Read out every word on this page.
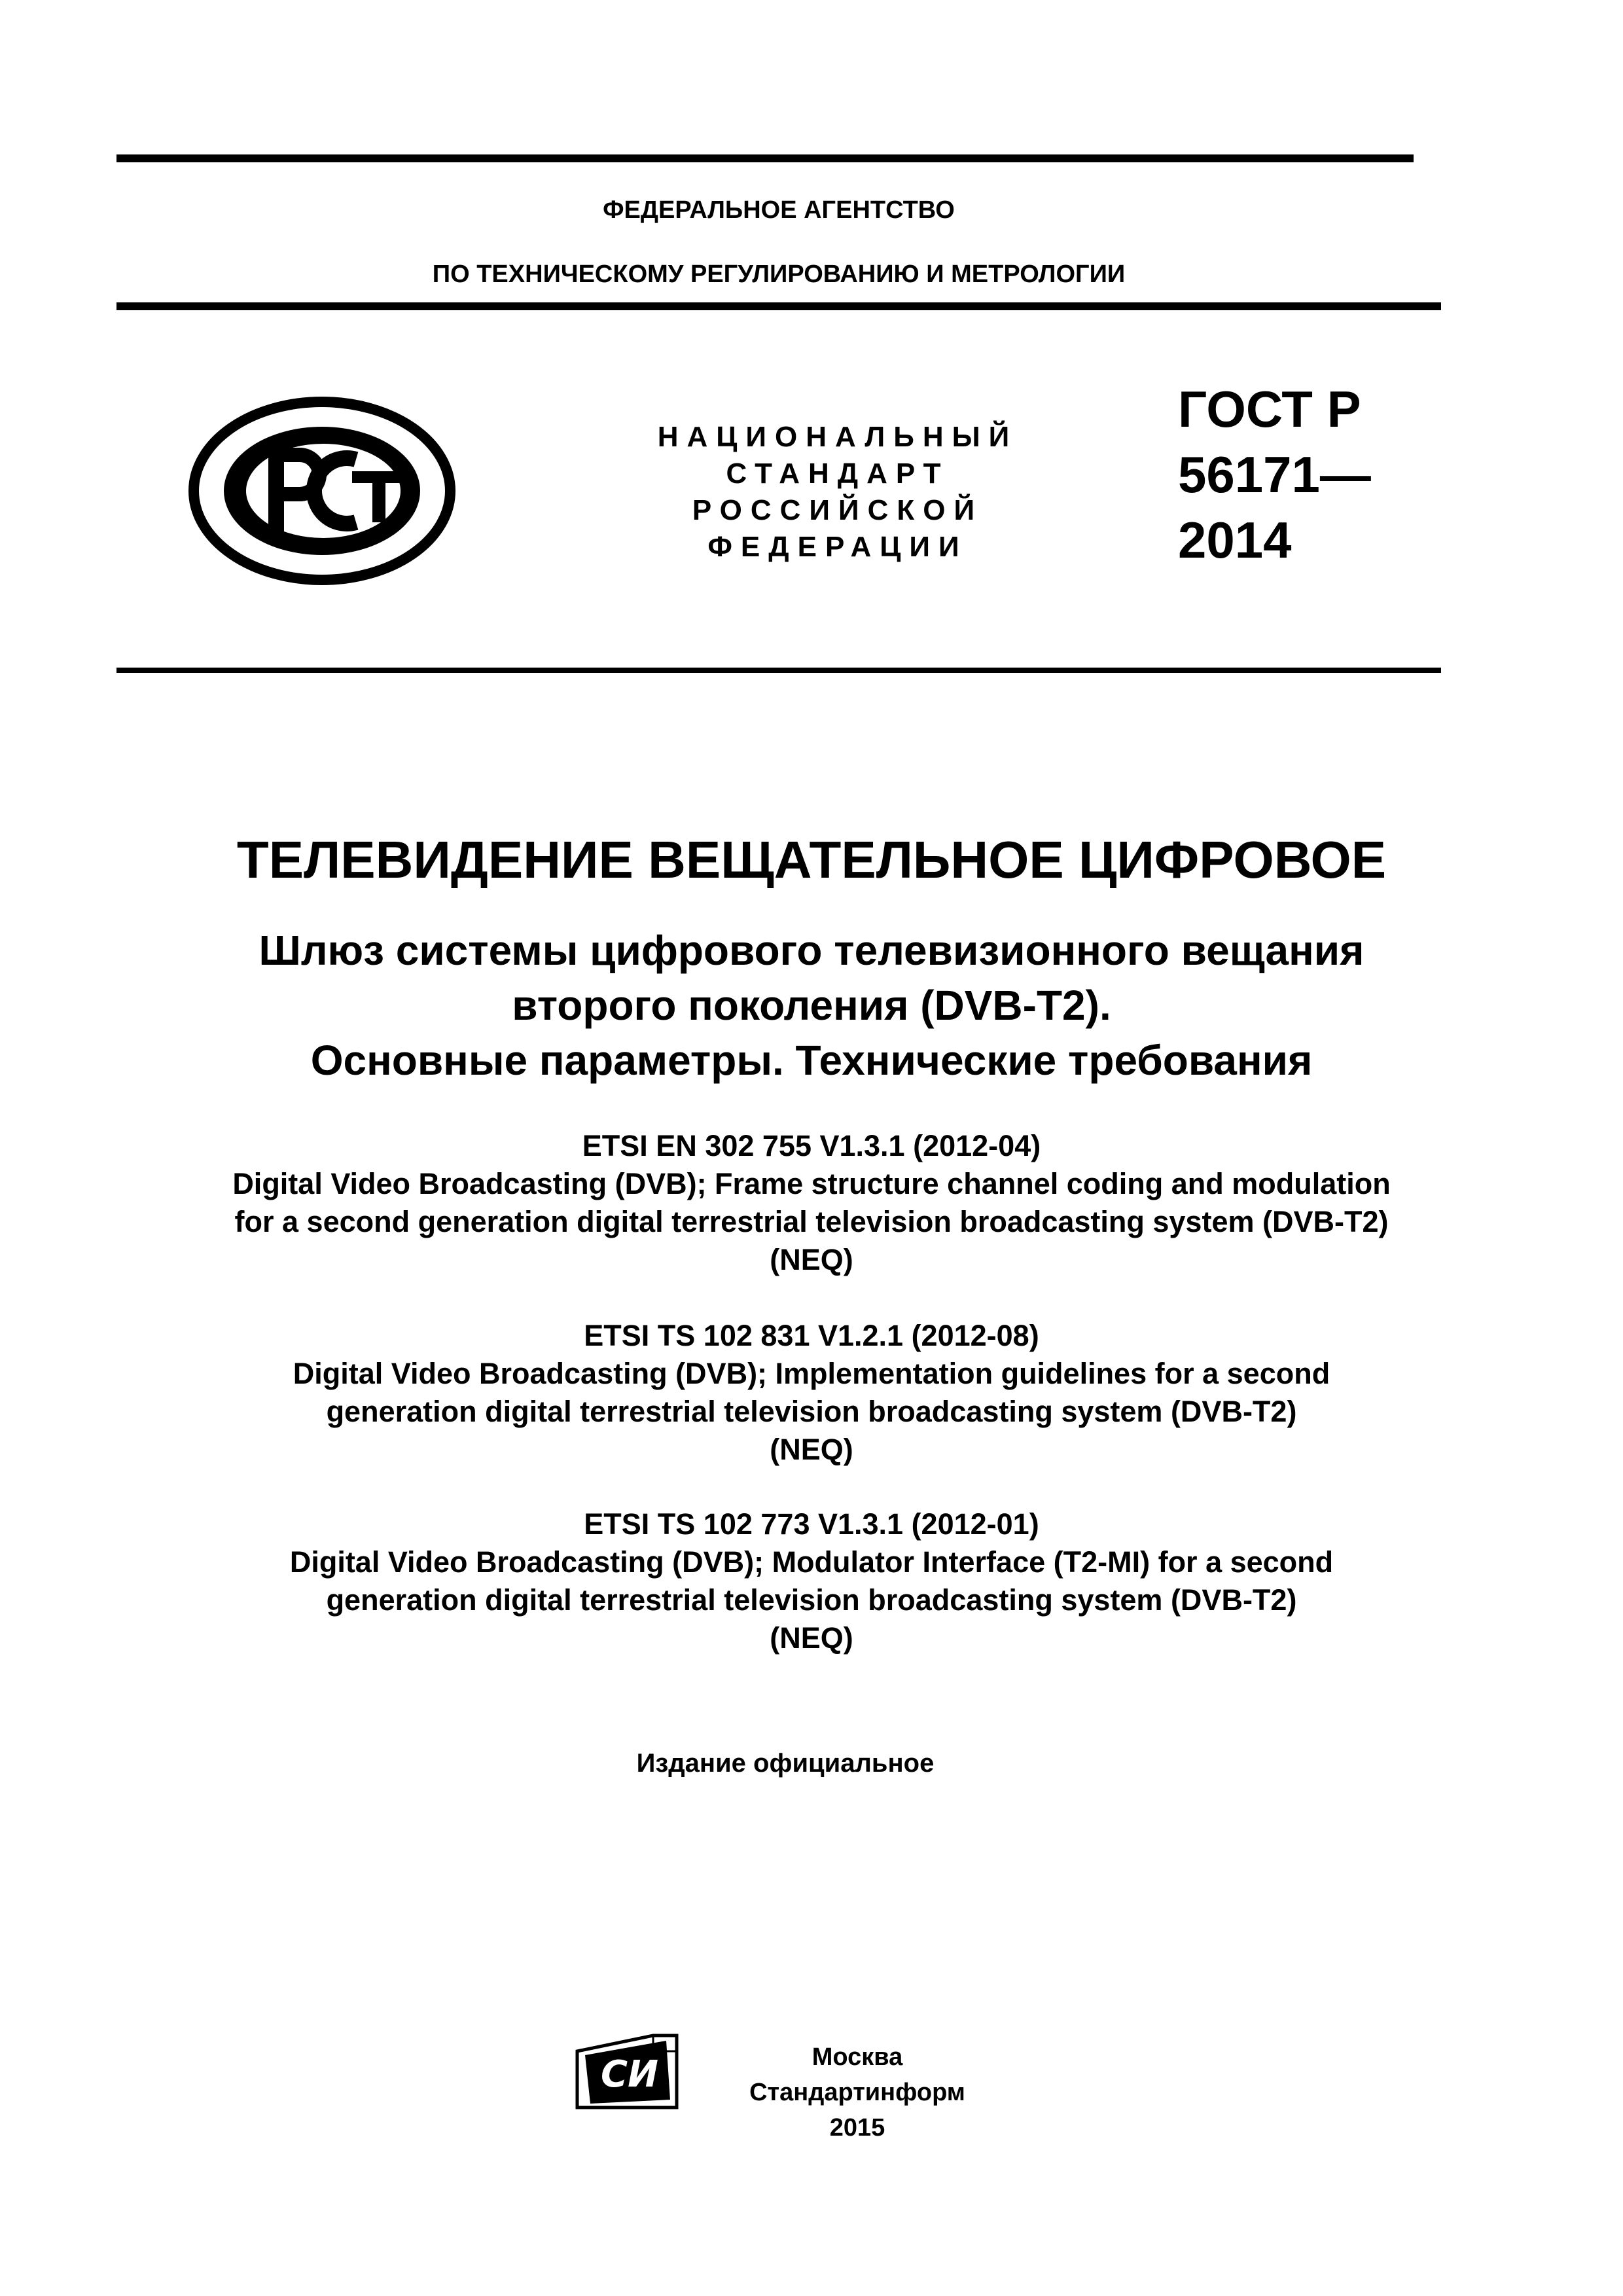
ФЕДЕРАЛЬНОЕ АГЕНТСТВО
ПО ТЕХНИЧЕСКОМУ РЕГУЛИРОВАНИЮ И МЕТРОЛОГИИ
НАЦИОНАЛЬНЫЙ
СТАНДАРТ
РОССИЙСКОЙ
ФЕДЕРАЦИИ
ГОСТ Р
56171—
2014
ТЕЛЕВИДЕНИЕ ВЕЩАТЕЛЬНОЕ ЦИФРОВОЕ
Шлюз системы цифрового телевизионного вещания
второго поколения (DVB-T2).
Основные параметры. Технические требования
ETSI EN 302 755 V1.3.1 (2012-04)
Digital Video Broadcasting (DVB); Frame structure channel coding and modulation
for a second generation digital terrestrial television broadcasting system (DVB-T2)
(NEQ)
ETSI TS 102 831 V1.2.1 (2012-08)
Digital Video Broadcasting (DVB); Implementation guidelines for a second
generation digital terrestrial television broadcasting system (DVB-T2)
(NEQ)
ETSI TS 102 773 V1.3.1 (2012-01)
Digital Video Broadcasting (DVB); Modulator Interface (T2-MI) for a second
generation digital terrestrial television broadcasting system (DVB-T2)
(NEQ)
Издание официальное
СИ	Москва
Стандартинформ
2015
